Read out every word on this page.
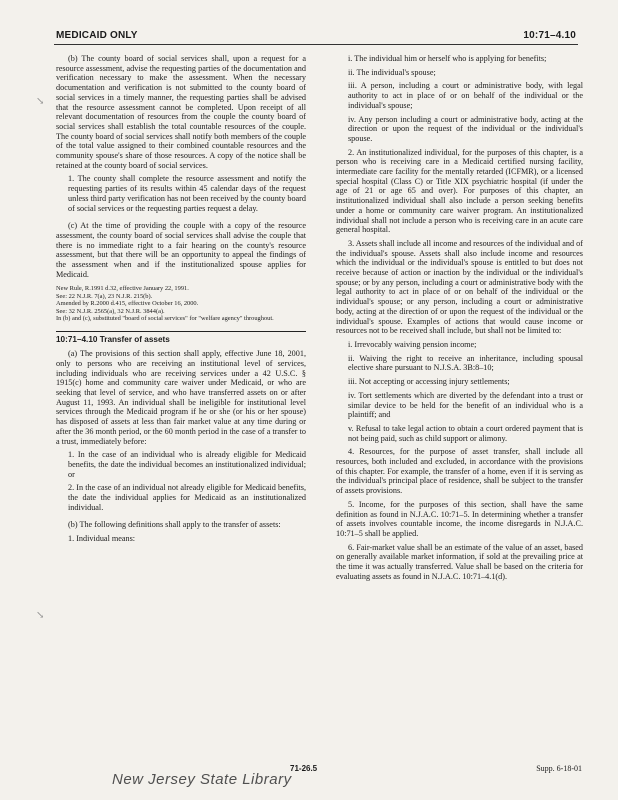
MEDICAID ONLY	10:71–4.10
↘
↘

(b) The county board of social services shall, upon a request for a resource assessment, advise the requesting parties of the documentation and verification necessary to make the assessment. When the necessary documentation and verification is not submitted to the county board of social services in a timely manner, the requesting parties shall be advised that the resource assessment cannot be completed. Upon receipt of all relevant documentation of resources from the couple the county board of social services shall establish the total countable resources of the couple. The county board of social services shall notify both members of the couple of the total value assigned to their combined countable resources and the community spouse's share of those resources. A copy of the notice shall be retained at the county board of social services.

1. The county shall complete the resource assessment and notify the requesting parties of its results within 45 calendar days of the request unless third party verification has not been received by the county board of social services or the requesting parties request a delay.

(c) At the time of providing the couple with a copy of the resource assessment, the county board of social services shall advise the couple that there is no immediate right to a fair hearing on the county's resource assessment, but that there will be an opportunity to appeal the findings of the assessment when and if the institutionalized spouse applies for Medicaid.

New Rule, R.1991 d.32, effective January 22, 1991.
See: 22 N.J.R. 7(a), 23 N.J.R. 215(b).
Amended by R.2000 d.415, effective October 16, 2000.
See: 32 N.J.R. 2565(a), 32 N.J.R. 3844(a).
In (b) and (c), substituted "board of social services" for "welfare agency" throughout.
10:71–4.10 Transfer of assets

(a) The provisions of this section shall apply, effective June 18, 2001, only to persons who are receiving an institutional level of services, including individuals who are receiving services under a 42 U.S.C. § 1915(c) home and community care waiver under Medicaid, or who are seeking that level of service, and who have transferred assets on or after August 11, 1993. An individual shall be ineligible for institutional level services through the Medicaid program if he or she (or his or her spouse) has disposed of assets at less than fair market value at any time during or after the 36 month period, or the 60 month period in the case of a transfer to a trust, immediately before:

1. In the case of an individual who is already eligible for Medicaid benefits, the date the individual becomes an institutionalized individual; or

2. In the case of an individual not already eligible for Medicaid benefits, the date the individual applies for Medicaid as an institutionalized individual.

(b) The following definitions shall apply to the transfer of assets:

1. Individual means:

i. The individual him or herself who is applying for benefits;

ii. The individual's spouse;

iii. A person, including a court or administrative body, with legal authority to act in place of or on behalf of the individual or the individual's spouse;

iv. Any person including a court or administrative body, acting at the direction or upon the request of the individual or the individual's spouse.

2. An institutionalized individual, for the purposes of this chapter, is a person who is receiving care in a Medicaid certified nursing facility, intermediate care facility for the mentally retarded (ICFMR), or a licensed special hospital (Class C) or Title XIX psychiatric hospital (if under the age of 21 or age 65 and over). For purposes of this chapter, an institutionalized individual shall also include a person seeking benefits under a home or community care waiver program. An institutionalized individual shall not include a person who is receiving care in an acute care general hospital.

3. Assets shall include all income and resources of the individual and of the individual's spouse. Assets shall also include income and resources which the individual or the individual's spouse is entitled to but does not receive because of action or inaction by the individual or the individual's spouse; or by any person, including a court or administrative body with the legal authority to act in place of or on behalf of the individual or the individual's spouse; or any person, including a court or administrative body, acting at the direction of or upon the request of the individual or the individual's spouse. Examples of actions that would cause income or resources not to be received shall include, but shall not be limited to:

i. Irrevocably waiving pension income;

ii. Waiving the right to receive an inheritance, including spousal elective share pursuant to N.J.S.A. 3B:8–10;

iii. Not accepting or accessing injury settlements;

iv. Tort settlements which are diverted by the defendant into a trust or similar device to be held for the benefit of an individual who is a plaintiff; and

v. Refusal to take legal action to obtain a court ordered payment that is not being paid, such as child support or alimony.

4. Resources, for the purpose of asset transfer, shall include all resources, both included and excluded, in accordance with the provisions of this chapter. For example, the transfer of a home, even if it is serving as the individual's principal place of residence, shall be subject to the transfer of assets provisions.

5. Income, for the purposes of this section, shall have the same definition as found in N.J.A.C. 10:71–5. In determining whether a transfer of assets involves countable income, the income disregards in N.J.A.C. 10:71–5 shall be applied.

6. Fair-market value shall be an estimate of the value of an asset, based on generally available market information, if sold at the prevailing price at the time it was actually transferred. Value shall be based on the criteria for evaluating assets as found in N.J.A.C. 10:71–4.1(d).

71-26.5	Supp. 6-18-01
New Jersey State Library
